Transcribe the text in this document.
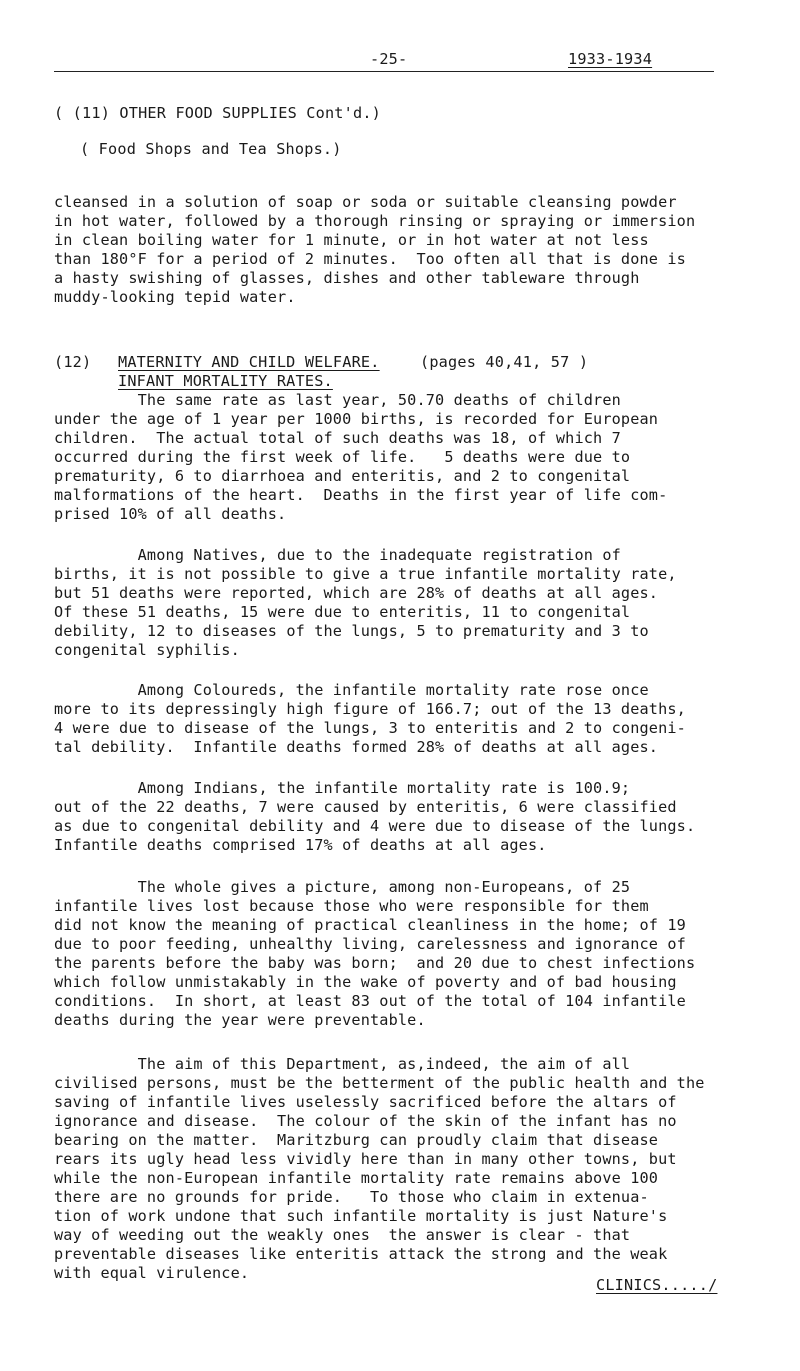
-25-	1933-1934
( (11) OTHER FOOD SUPPLIES Cont'd.)
( Food Shops and Tea Shops.)
cleansed in a solution of soap or soda or suitable cleansing powder
in hot water, followed by a thorough rinsing or spraying or immersion
in clean boiling water for 1 minute, or in hot water at not less
than 180°F for a period of 2 minutes.  Too often all that is done is
a hasty swishing of glasses, dishes and other tableware through
muddy-looking tepid water.
(12) MATERNITY AND CHILD WELFARE.	(pages 40,41, 57 )
INFANT MORTALITY RATES.
The same rate as last year, 50.70 deaths of children
under the age of 1 year per 1000 births, is recorded for European
children.  The actual total of such deaths was 18, of which 7
occurred during the first week of life.   5 deaths were due to
prematurity, 6 to diarrhoea and enteritis, and 2 to congenital
malformations of the heart.  Deaths in the first year of life com-
prised 10% of all deaths.
Among Natives, due to the inadequate registration of
births, it is not possible to give a true infantile mortality rate,
but 51 deaths were reported, which are 28% of deaths at all ages.
Of these 51 deaths, 15 were due to enteritis, 11 to congenital
debility, 12 to diseases of the lungs, 5 to prematurity and 3 to
congenital syphilis.
Among Coloureds, the infantile mortality rate rose once
more to its depressingly high figure of 166.7; out of the 13 deaths,
4 were due to disease of the lungs, 3 to enteritis and 2 to congeni-
tal debility.  Infantile deaths formed 28% of deaths at all ages.
Among Indians, the infantile mortality rate is 100.9;
out of the 22 deaths, 7 were caused by enteritis, 6 were classified
as due to congenital debility and 4 were due to disease of the lungs.
Infantile deaths comprised 17% of deaths at all ages.
The whole gives a picture, among non-Europeans, of 25
infantile lives lost because those who were responsible for them
did not know the meaning of practical cleanliness in the home; of 19
due to poor feeding, unhealthy living, carelessness and ignorance of
the parents before the baby was born;  and 20 due to chest infections
which follow unmistakably in the wake of poverty and of bad housing
conditions.  In short, at least 83 out of the total of 104 infantile
deaths during the year were preventable.
The aim of this Department, as,indeed, the aim of all
civilised persons, must be the betterment of the public health and the
saving of infantile lives uselessly sacrificed before the altars of
ignorance and disease.  The colour of the skin of the infant has no
bearing on the matter.  Maritzburg can proudly claim that disease
rears its ugly head less vividly here than in many other towns, but
while the non-European infantile mortality rate remains above 100
there are no grounds for pride.   To those who claim in extenua-
tion of work undone that such infantile mortality is just Nature's
way of weeding out the weakly ones  the answer is clear - that
preventable diseases like enteritis attack the strong and the weak
with equal virulence.
CLINICS...../
